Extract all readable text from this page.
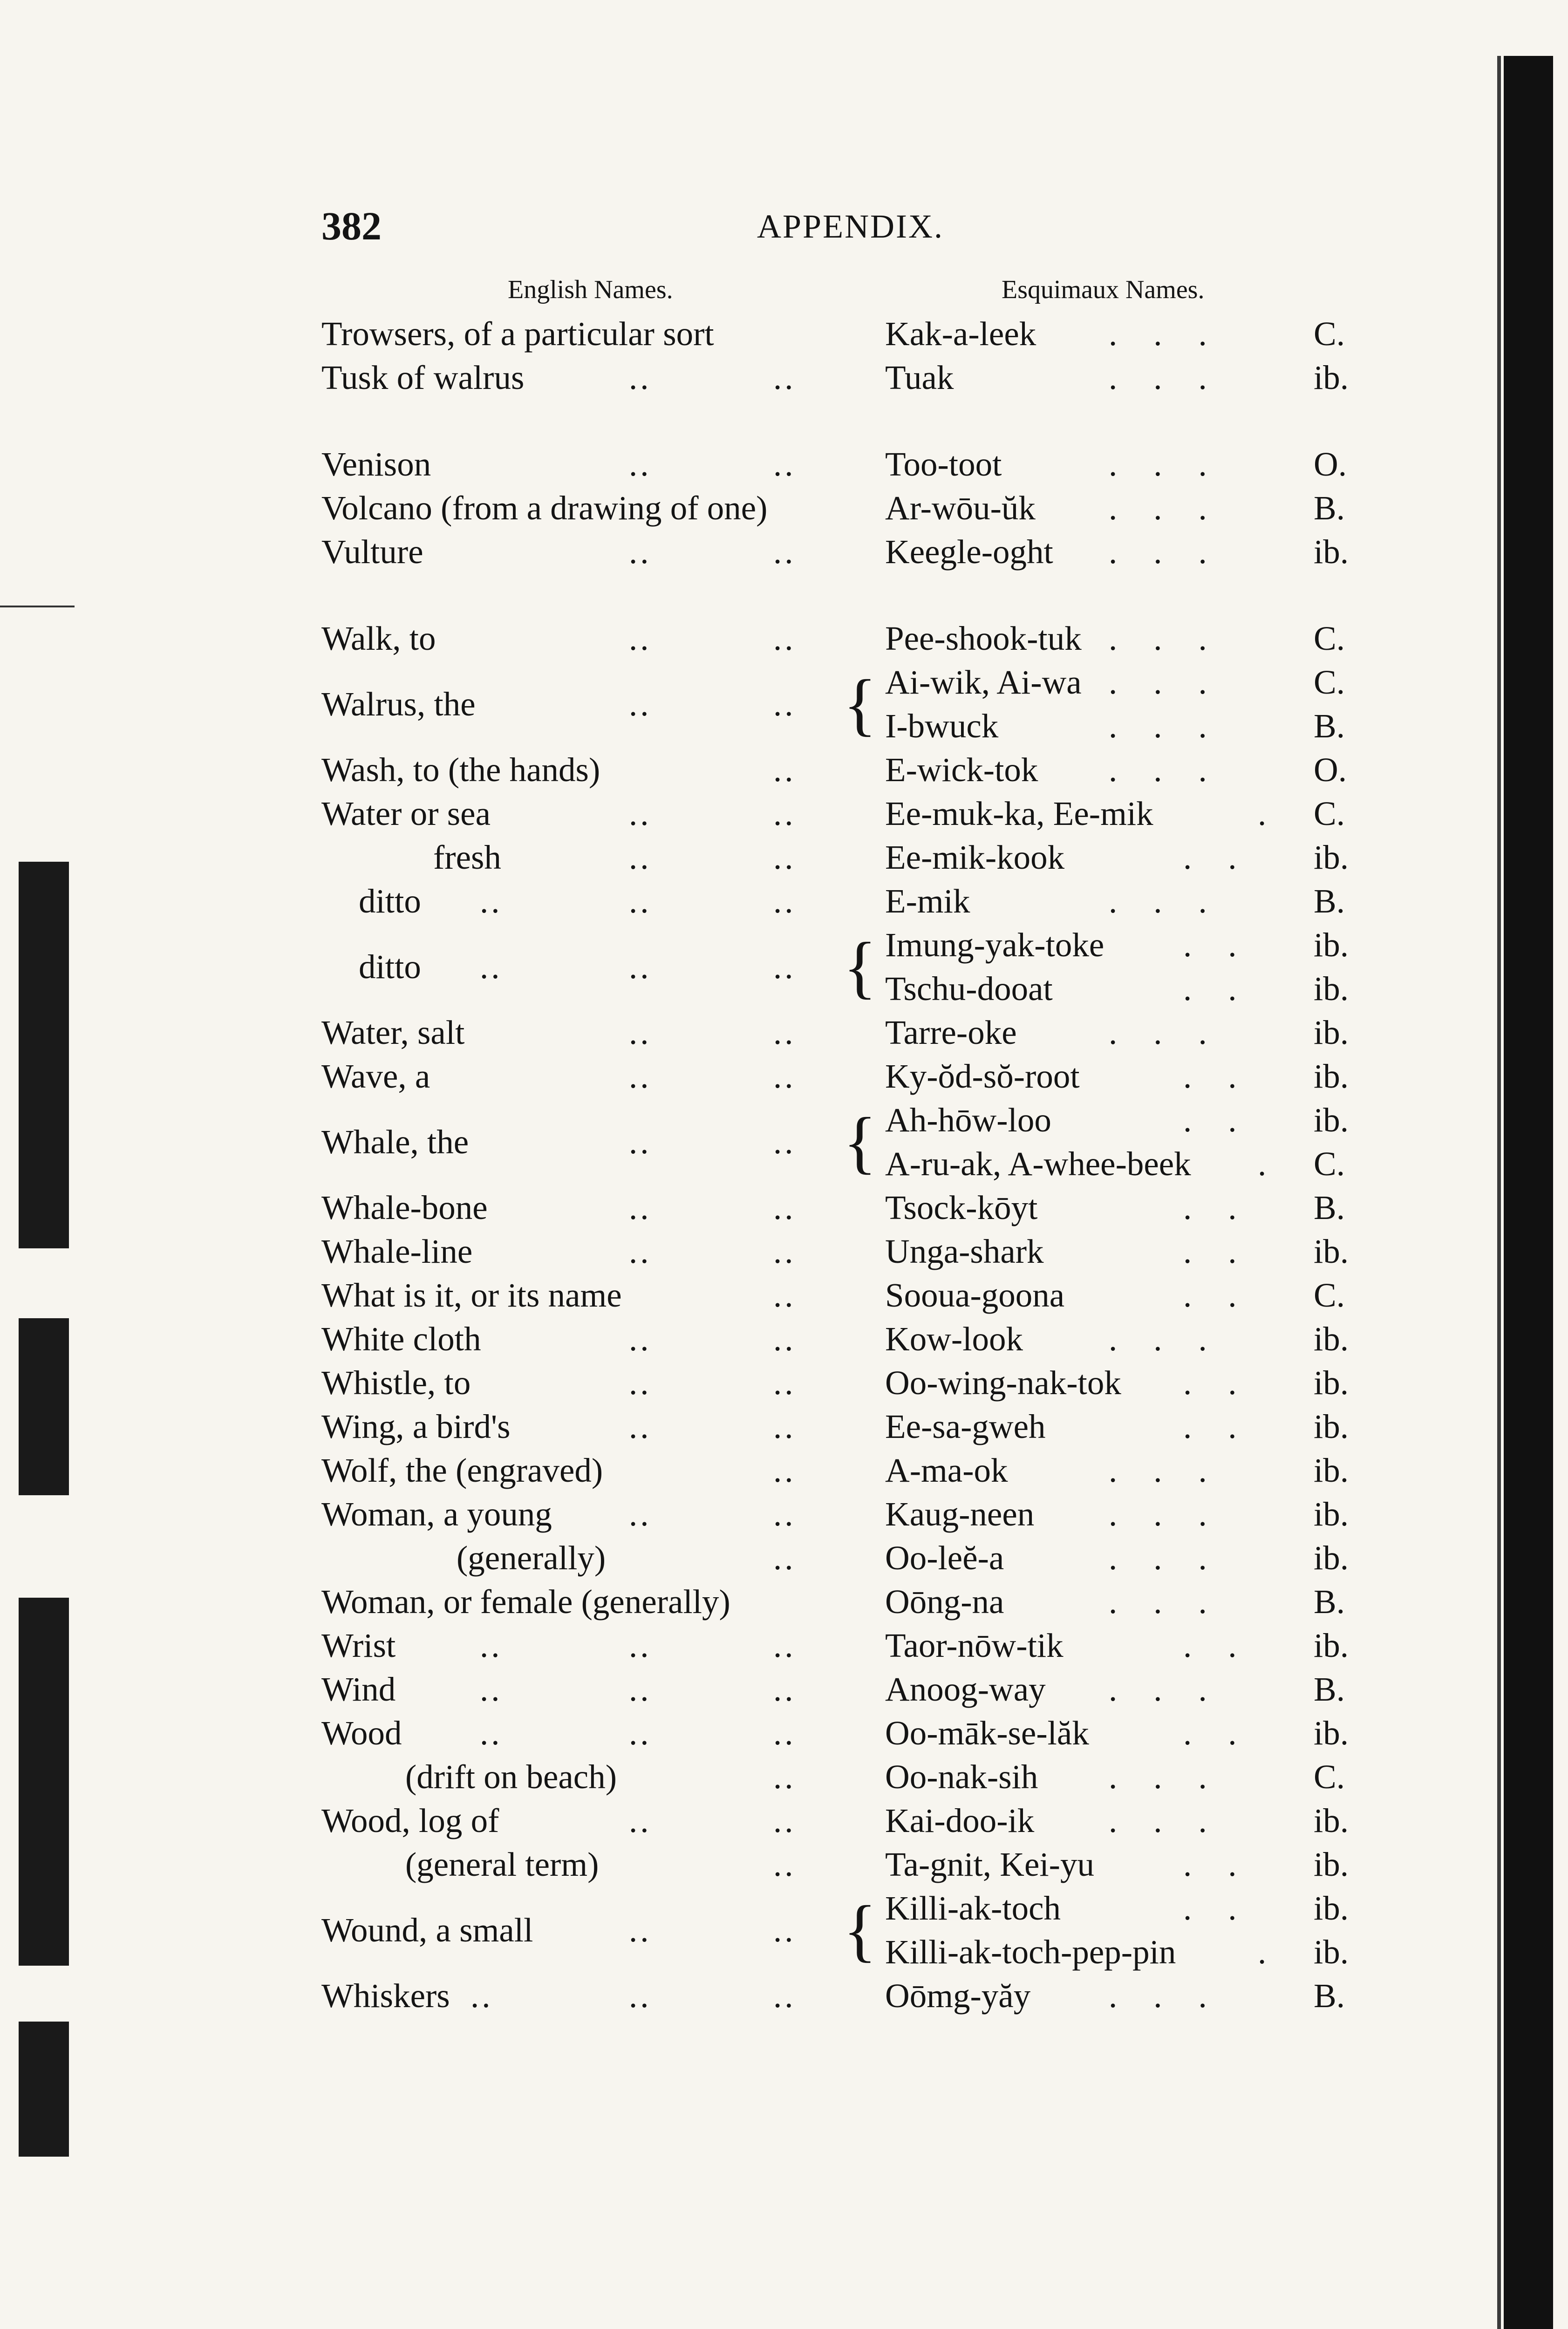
382	APPENDIX.
English Names.	Esquimaux Names.
Trowsers, of a particular sort	Kak-a-leek ... C.
Tusk of walrus	..	..	Tuak	... ib.
Venison	..	..	Too-toot	... O.
Volcano (from a drawing of one)	Ar-wōu-ŭk ... B.
Vulture	..	..	Keegle-oght ... ib.
Walk, to	..	..	Pee-shook-tuk ... C.
Walrus, the	..	.. { Ai-wik, Ai-wa ... C.
I-bwuck	... B.
Wash, to (the hands)	..	E-wick-tok ... O.
Water or sea	..	..	Ee-muk-ka, Ee-mik	. C.
fresh	..	..	Ee-mik-kook	.. ib.
ditto ..	..	..	E-mik	... B.
ditto ..	..	.. { Imung-yak-toke .. ib.
Tschu-dooat	.. ib.
Water, salt	..	..	Tarre-oke	... ib.
Wave, a	..	..	Ky-ŏd-sŏ-root	.. ib.
Whale, the	..	.. { Ah-hōw-loo	.. ib.
A-ru-ak, A-whee-beek . C.
Whale-bone	..	..	Tsock-kōyt	.. B.
Whale-line	..	..	Unga-shark	.. ib.
What is it, or its name	..	Sooua-goona	.. C.
White cloth	..	..	Kow-look	... ib.
Whistle, to	..	..	Oo-wing-nak-tok .. ib.
Wing, a bird's	..	..	Ee-sa-gweh	.. ib.
Wolf, the (engraved)	..	A-ma-ok	... ib.
Woman, a young ..	..	Kaug-neen ... ib.
(generally)	..	Oo-leĕ-a	... ib.
Woman, or female (generally)	Oōng-na	... B.
Wrist ..	..	..	Taor-nōw-tik	.. ib.
Wind ..	..	..	Anoog-way ... B.
Wood ..	..	..	Oo-māk-se-lăk	.. ib.
(drift on beach)	..	Oo-nak-sih ... C.
Wood, log of	..	..	Kai-doo-ik ... ib.
(general term)	..	Ta-gnit, Kei-yu	.. ib.
Wound, a small	..	.. { Killi-ak-toch	.. ib.
Killi-ak-toch-pep-pin . ib.
Whiskers ..	..	..	Oōmg-yăy ... B.
